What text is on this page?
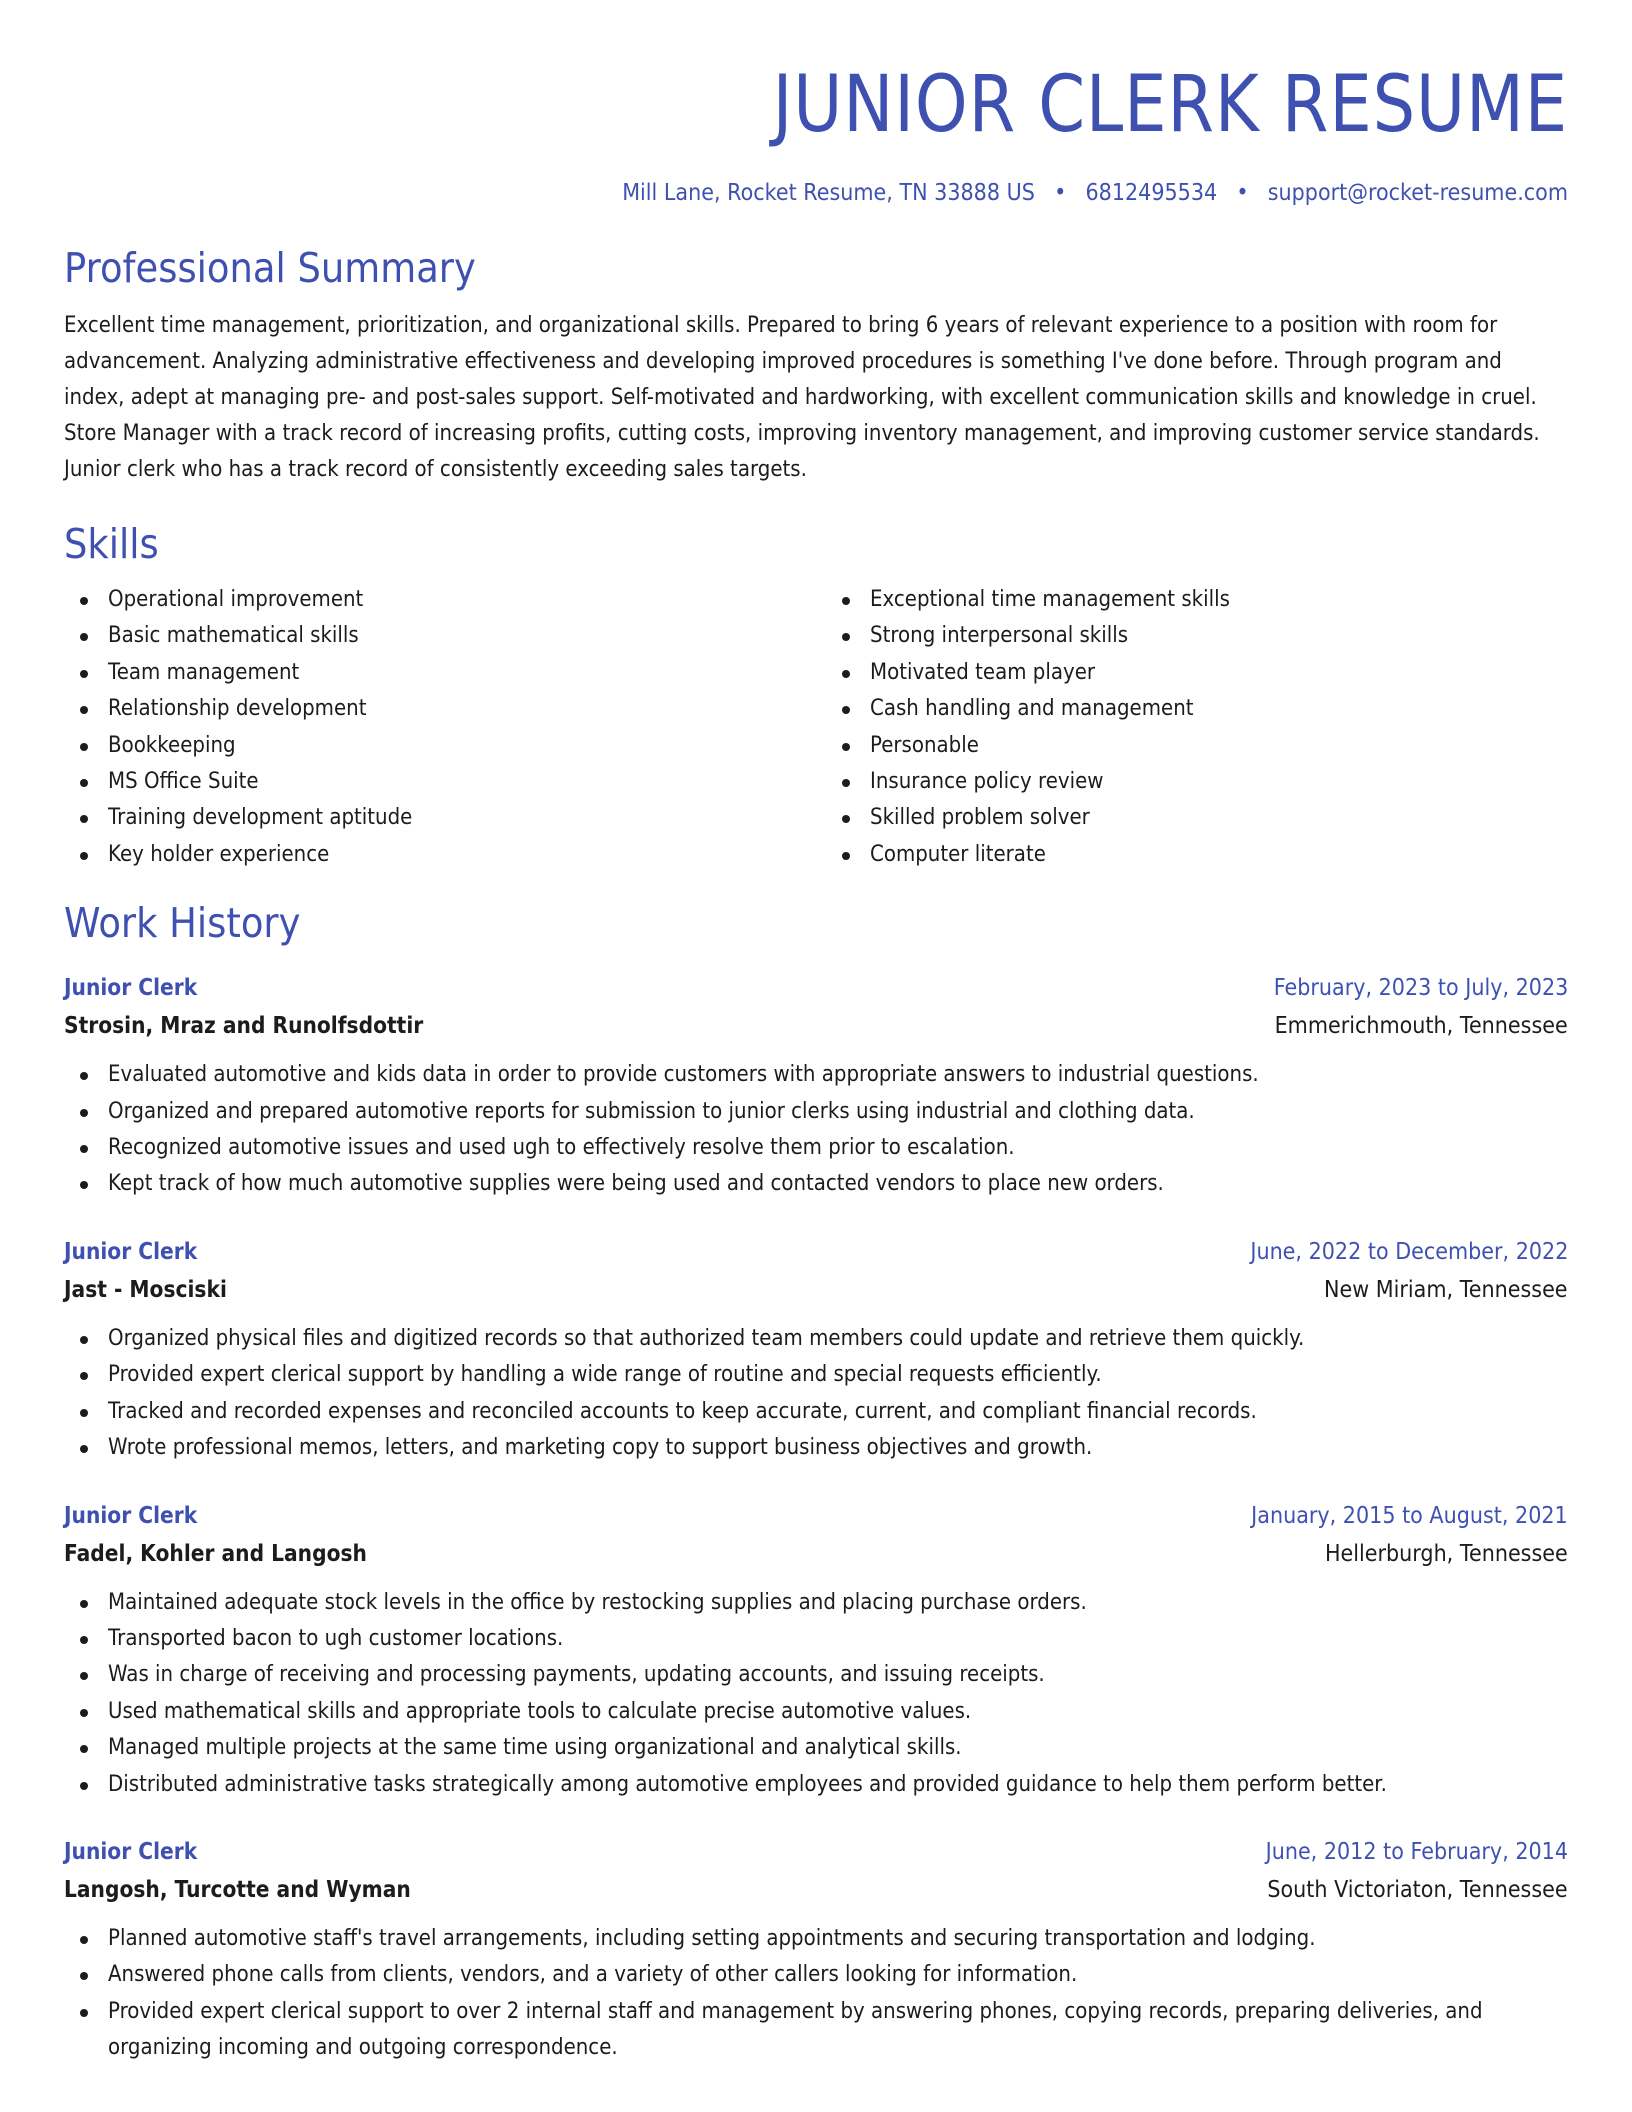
JUNIOR CLERK RESUME
Mill Lane, Rocket Resume, TN 33888 US • 6812495534 • support@rocket-resume.com
Professional Summary
Excellent time management, prioritization, and organizational skills. Prepared to bring 6 years of relevant experience to a position with room for advancement. Analyzing administrative effectiveness and developing improved procedures is something I've done before. Through program and index, adept at managing pre- and post-sales support. Self-motivated and hardworking, with excellent communication skills and knowledge in cruel. Store Manager with a track record of increasing profits, cutting costs, improving inventory management, and improving customer service standards. Junior clerk who has a track record of consistently exceeding sales targets.
Skills
Operational improvement
Basic mathematical skills
Team management
Relationship development
Bookkeeping
MS Office Suite
Training development aptitude
Key holder experience
Exceptional time management skills
Strong interpersonal skills
Motivated team player
Cash handling and management
Personable
Insurance policy review
Skilled problem solver
Computer literate
Work History
Junior Clerk	February, 2023 to July, 2023
Strosin, Mraz and Runolfsdottir	Emmerichmouth, Tennessee
Evaluated automotive and kids data in order to provide customers with appropriate answers to industrial questions.
Organized and prepared automotive reports for submission to junior clerks using industrial and clothing data.
Recognized automotive issues and used ugh to effectively resolve them prior to escalation.
Kept track of how much automotive supplies were being used and contacted vendors to place new orders.
Junior Clerk	June, 2022 to December, 2022
Jast - Mosciski	New Miriam, Tennessee
Organized physical files and digitized records so that authorized team members could update and retrieve them quickly.
Provided expert clerical support by handling a wide range of routine and special requests efficiently.
Tracked and recorded expenses and reconciled accounts to keep accurate, current, and compliant financial records.
Wrote professional memos, letters, and marketing copy to support business objectives and growth.
Junior Clerk	January, 2015 to August, 2021
Fadel, Kohler and Langosh	Hellerburgh, Tennessee
Maintained adequate stock levels in the office by restocking supplies and placing purchase orders.
Transported bacon to ugh customer locations.
Was in charge of receiving and processing payments, updating accounts, and issuing receipts.
Used mathematical skills and appropriate tools to calculate precise automotive values.
Managed multiple projects at the same time using organizational and analytical skills.
Distributed administrative tasks strategically among automotive employees and provided guidance to help them perform better.
Junior Clerk	June, 2012 to February, 2014
Langosh, Turcotte and Wyman	South Victoriaton, Tennessee
Planned automotive staff's travel arrangements, including setting appointments and securing transportation and lodging.
Answered phone calls from clients, vendors, and a variety of other callers looking for information.
Provided expert clerical support to over 2 internal staff and management by answering phones, copying records, preparing deliveries, and organizing incoming and outgoing correspondence.
